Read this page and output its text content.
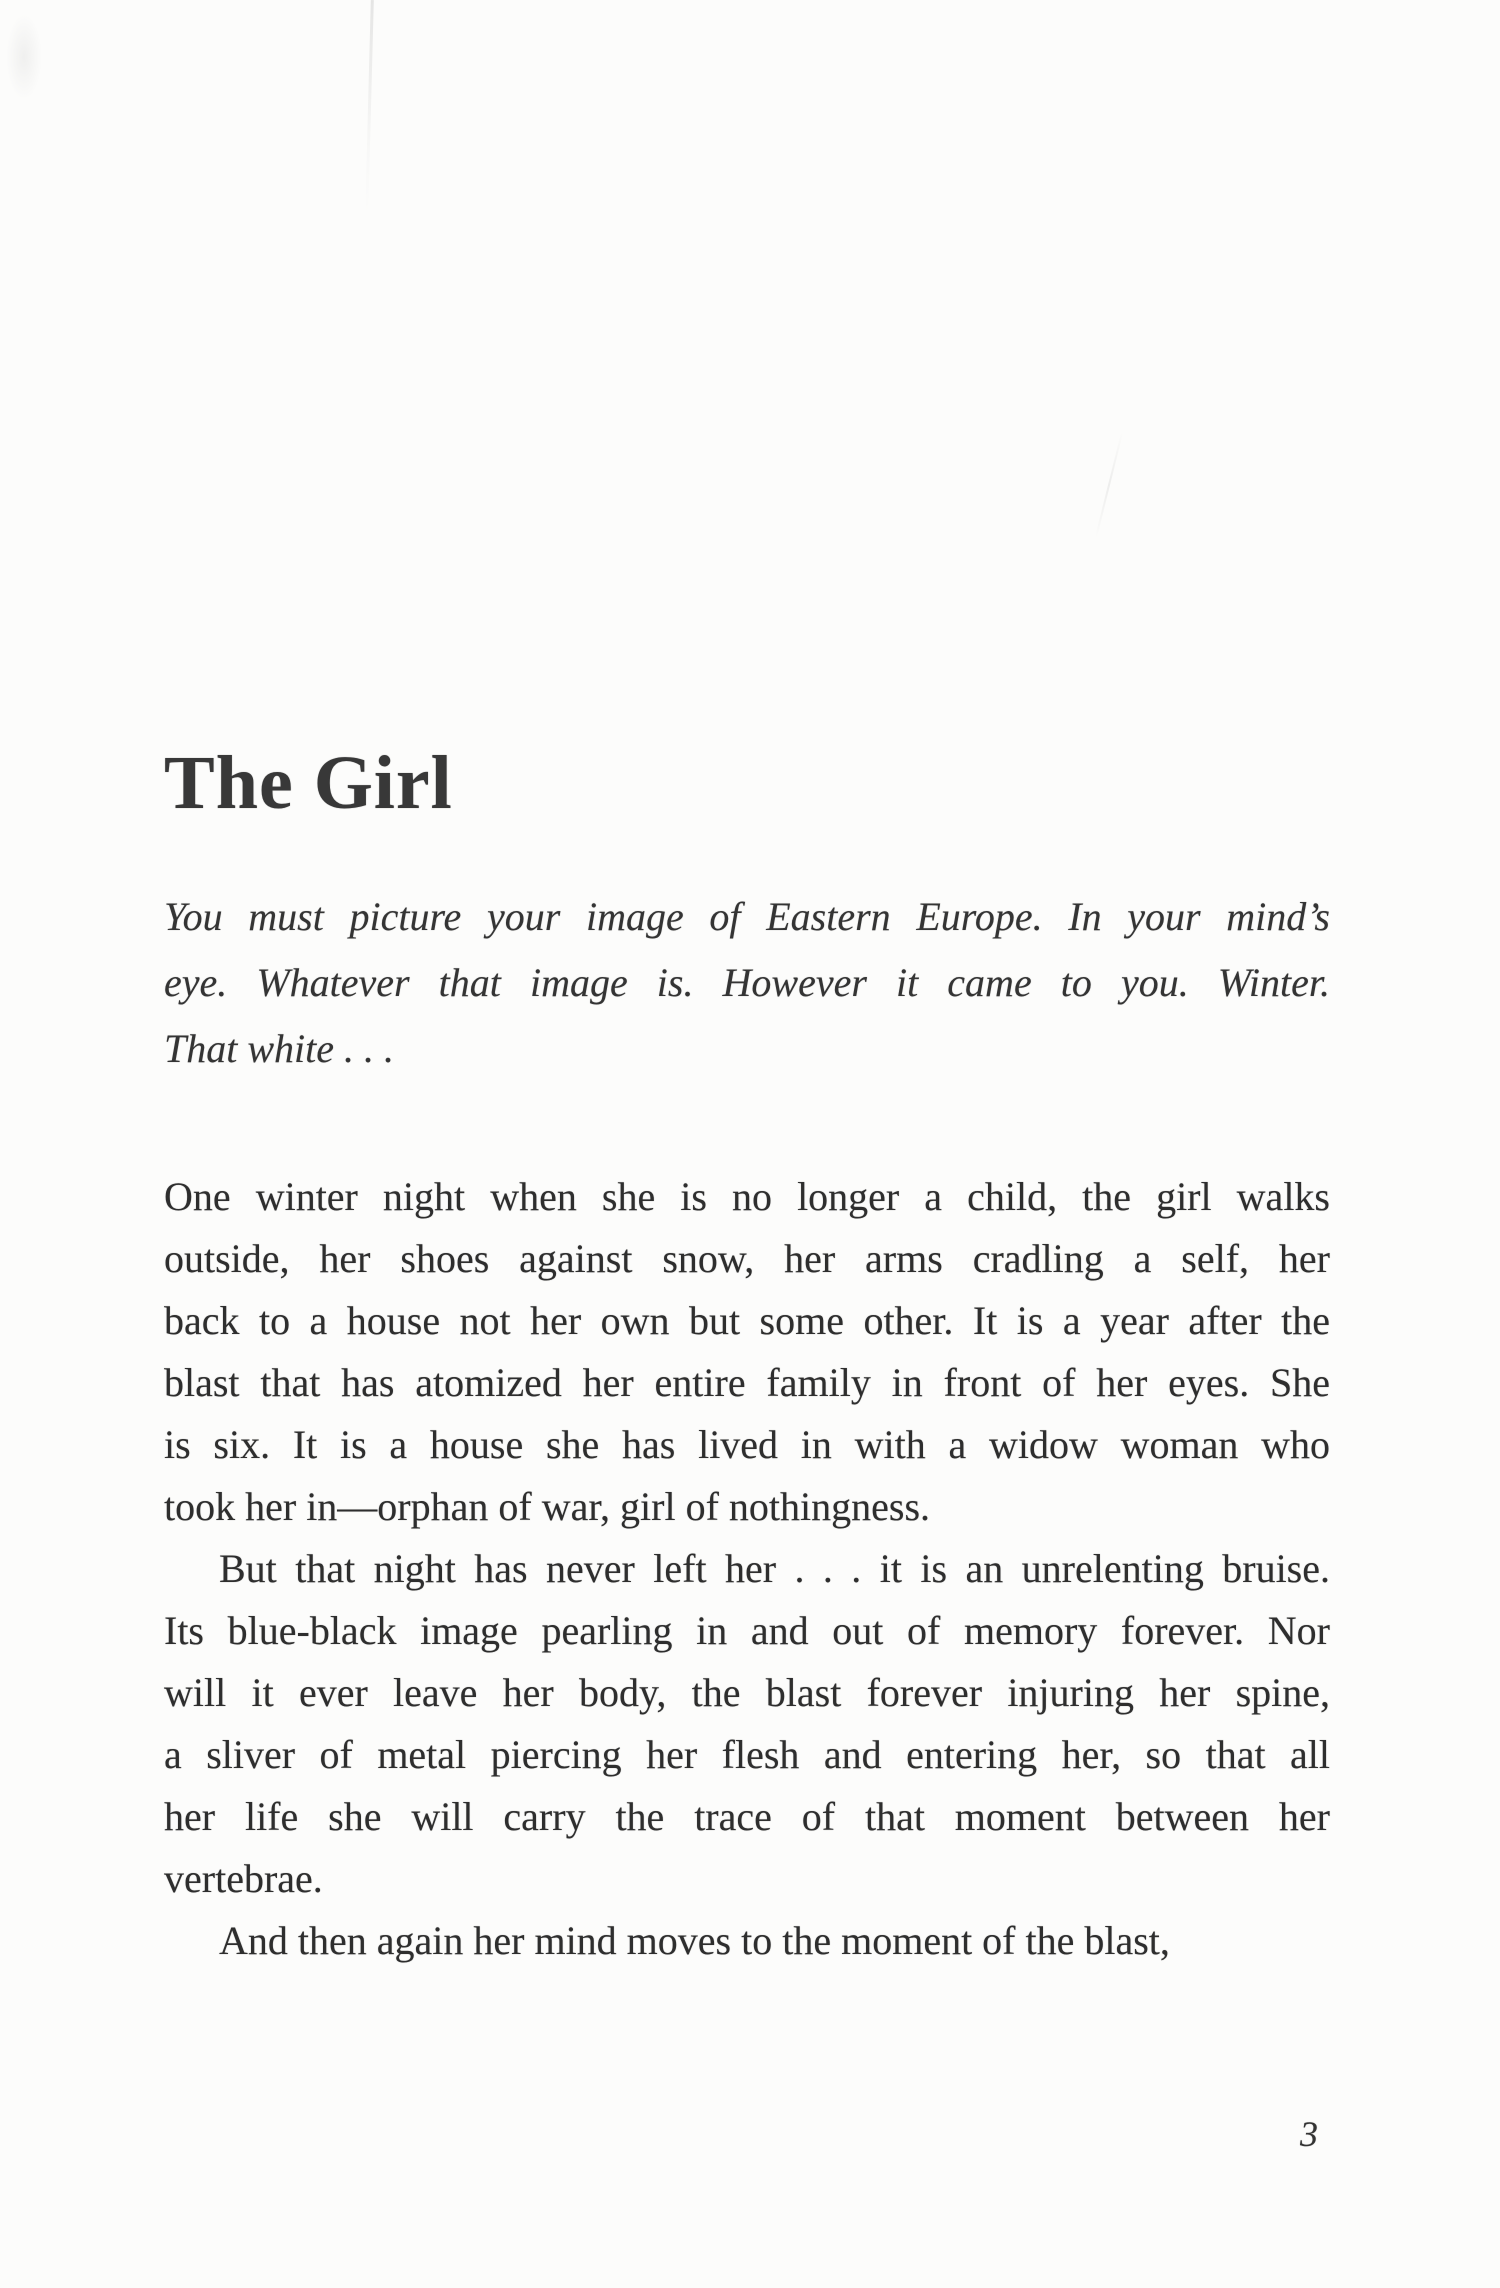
The Girl
You must picture your image of Eastern Europe. In your mind’s
eye. Whatever that image is. However it came to you. Winter.
That white . . .
One winter night when she is no longer a child, the girl walks
outside, her shoes against snow, her arms cradling a self, her
back to a house not her own but some other. It is a year after the
blast that has atomized her entire family in front of her eyes. She
is six. It is a house she has lived in with a widow woman who
took her in—orphan of war, girl of nothingness.
But that night has never left her . . . it is an unrelenting bruise.
Its blue-black image pearling in and out of memory forever. Nor
will it ever leave her body, the blast forever injuring her spine,
a sliver of metal piercing her flesh and entering her, so that all
her life she will carry the trace of that moment between her
vertebrae.
And then again her mind moves to the moment of the blast,
3
